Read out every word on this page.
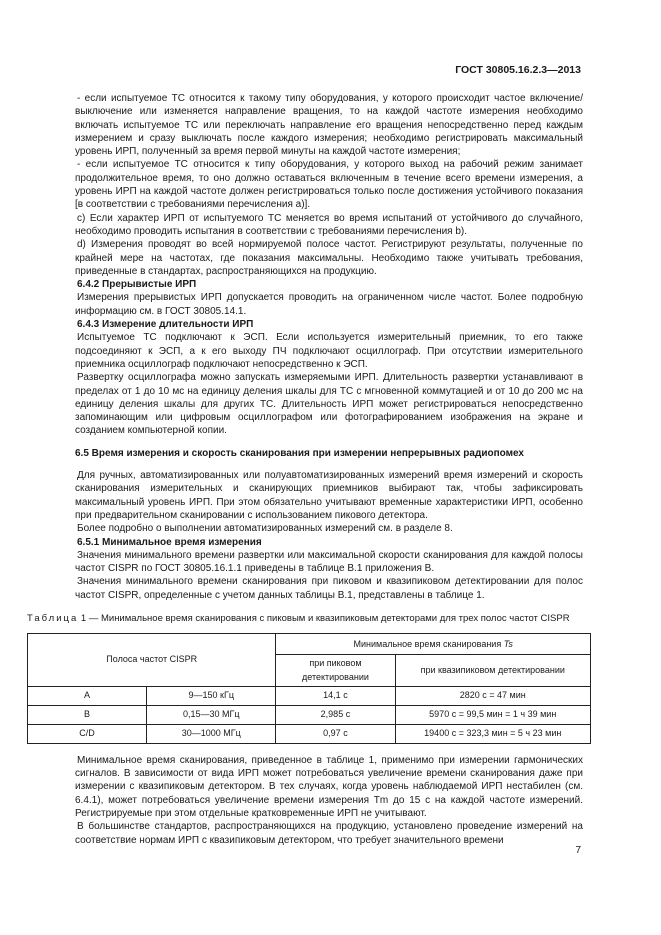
ГОСТ 30805.16.2.3—2013

- если испытуемое ТС относится к такому типу оборудования, у которого происходит частое включение/выключение или изменяется направление вращения, то на каждой частоте измерения необходимо включать испытуемое ТС или переключать направление его вращения непосредственно перед каждым измерением и сразу выключать после каждого измерения; необходимо регистрировать максимальный уровень ИРП, полученный за время первой минуты на каждой частоте измерения;

- если испытуемое ТС относится к типу оборудования, у которого выход на рабочий режим занимает продолжительное время, то оно должно оставаться включенным в течение всего времени измерения, а уровень ИРП на каждой частоте должен регистрироваться только после достижения устойчивого показания [в соответствии с требованиями перечисления а)].

с) Если характер ИРП от испытуемого ТС меняется во время испытаний от устойчивого до случайного, необходимо проводить испытания в соответствии с требованиями перечисления b).

d) Измерения проводят во всей нормируемой полосе частот. Регистрируют результаты, полученные по крайней мере на частотах, где показания максимальны. Необходимо также учитывать требования, приведенные в стандартах, распространяющихся на продукцию.

6.4.2 Прерывистые ИРП

Измерения прерывистых ИРП допускается проводить на ограниченном числе частот. Более подробную информацию см. в ГОСТ 30805.14.1.

6.4.3 Измерение длительности ИРП

Испытуемое ТС подключают к ЭСП. Если используется измерительный приемник, то его также подсоединяют к ЭСП, а к его выходу ПЧ подключают осциллограф. При отсутствии измерительного приемника осциллограф подключают непосредственно к ЭСП.

Развертку осциллографа можно запускать измеряемыми ИРП. Длительность развертки устанавливают в пределах от 1 до 10 мс на единицу деления шкалы для ТС с мгновенной коммутацией и от 10 до 200 мс на единицу деления шкалы для других ТС. Длительность ИРП может регистрироваться непосредственно запоминающим или цифровым осциллографом или фотографированием изображения на экране и созданием компьютерной копии.

6.5 Время измерения и скорость сканирования при измерении непрерывных радиопомех

Для ручных, автоматизированных или полуавтоматизированных измерений время измерений и скорость сканирования измерительных и сканирующих приемников выбирают так, чтобы зафиксировать максимальный уровень ИРП. При этом обязательно учитывают временные характеристики ИРП, особенно при предварительном сканировании с использованием пикового детектора.

Более подробно о выполнении автоматизированных измерений см. в разделе 8.

6.5.1 Минимальное время измерения

Значения минимального времени развертки или максимальной скорости сканирования для каждой полосы частот CISPR по ГОСТ 30805.16.1.1 приведены в таблице В.1 приложения В.

Значения минимального времени сканирования при пиковом и квазипиковом детектировании для полос частот CISPR, определенные с учетом данных таблицы В.1, представлены в таблице 1.

Таблица 1 — Минимальное время сканирования с пиковым и квазипиковым детекторами для трех полос частот CISPR

Полоса частот CISPR		Минимальное время сканирования Ts	
		при пиковом детектировании	при квазипиковом детектировании
A	9—150 кГц	14,1 с	2820 с = 47 мин
B	0,15—30 МГц	2,985 с	5970 с = 99,5 мин = 1 ч 39 мин
C/D	30—1000 МГц	0,97 с	19400 с = 323,3 мин = 5 ч 23 мин

Минимальное время сканирования, приведенное в таблице 1, применимо при измерении гармонических сигналов. В зависимости от вида ИРП может потребоваться увеличение времени сканирования даже при измерении с квазипиковым детектором. В тех случаях, когда уровень наблюдаемой ИРП нестабилен (см. 6.4.1), может потребоваться увеличение времени измерения Tm до 15 с на каждой частоте измерений. Регистрируемые при этом отдельные кратковременные ИРП не учитывают.

В большинстве стандартов, распространяющихся на продукцию, установлено проведение измерений на соответствие нормам ИРП с квазипиковым детектором, что требует значительного времени

7
